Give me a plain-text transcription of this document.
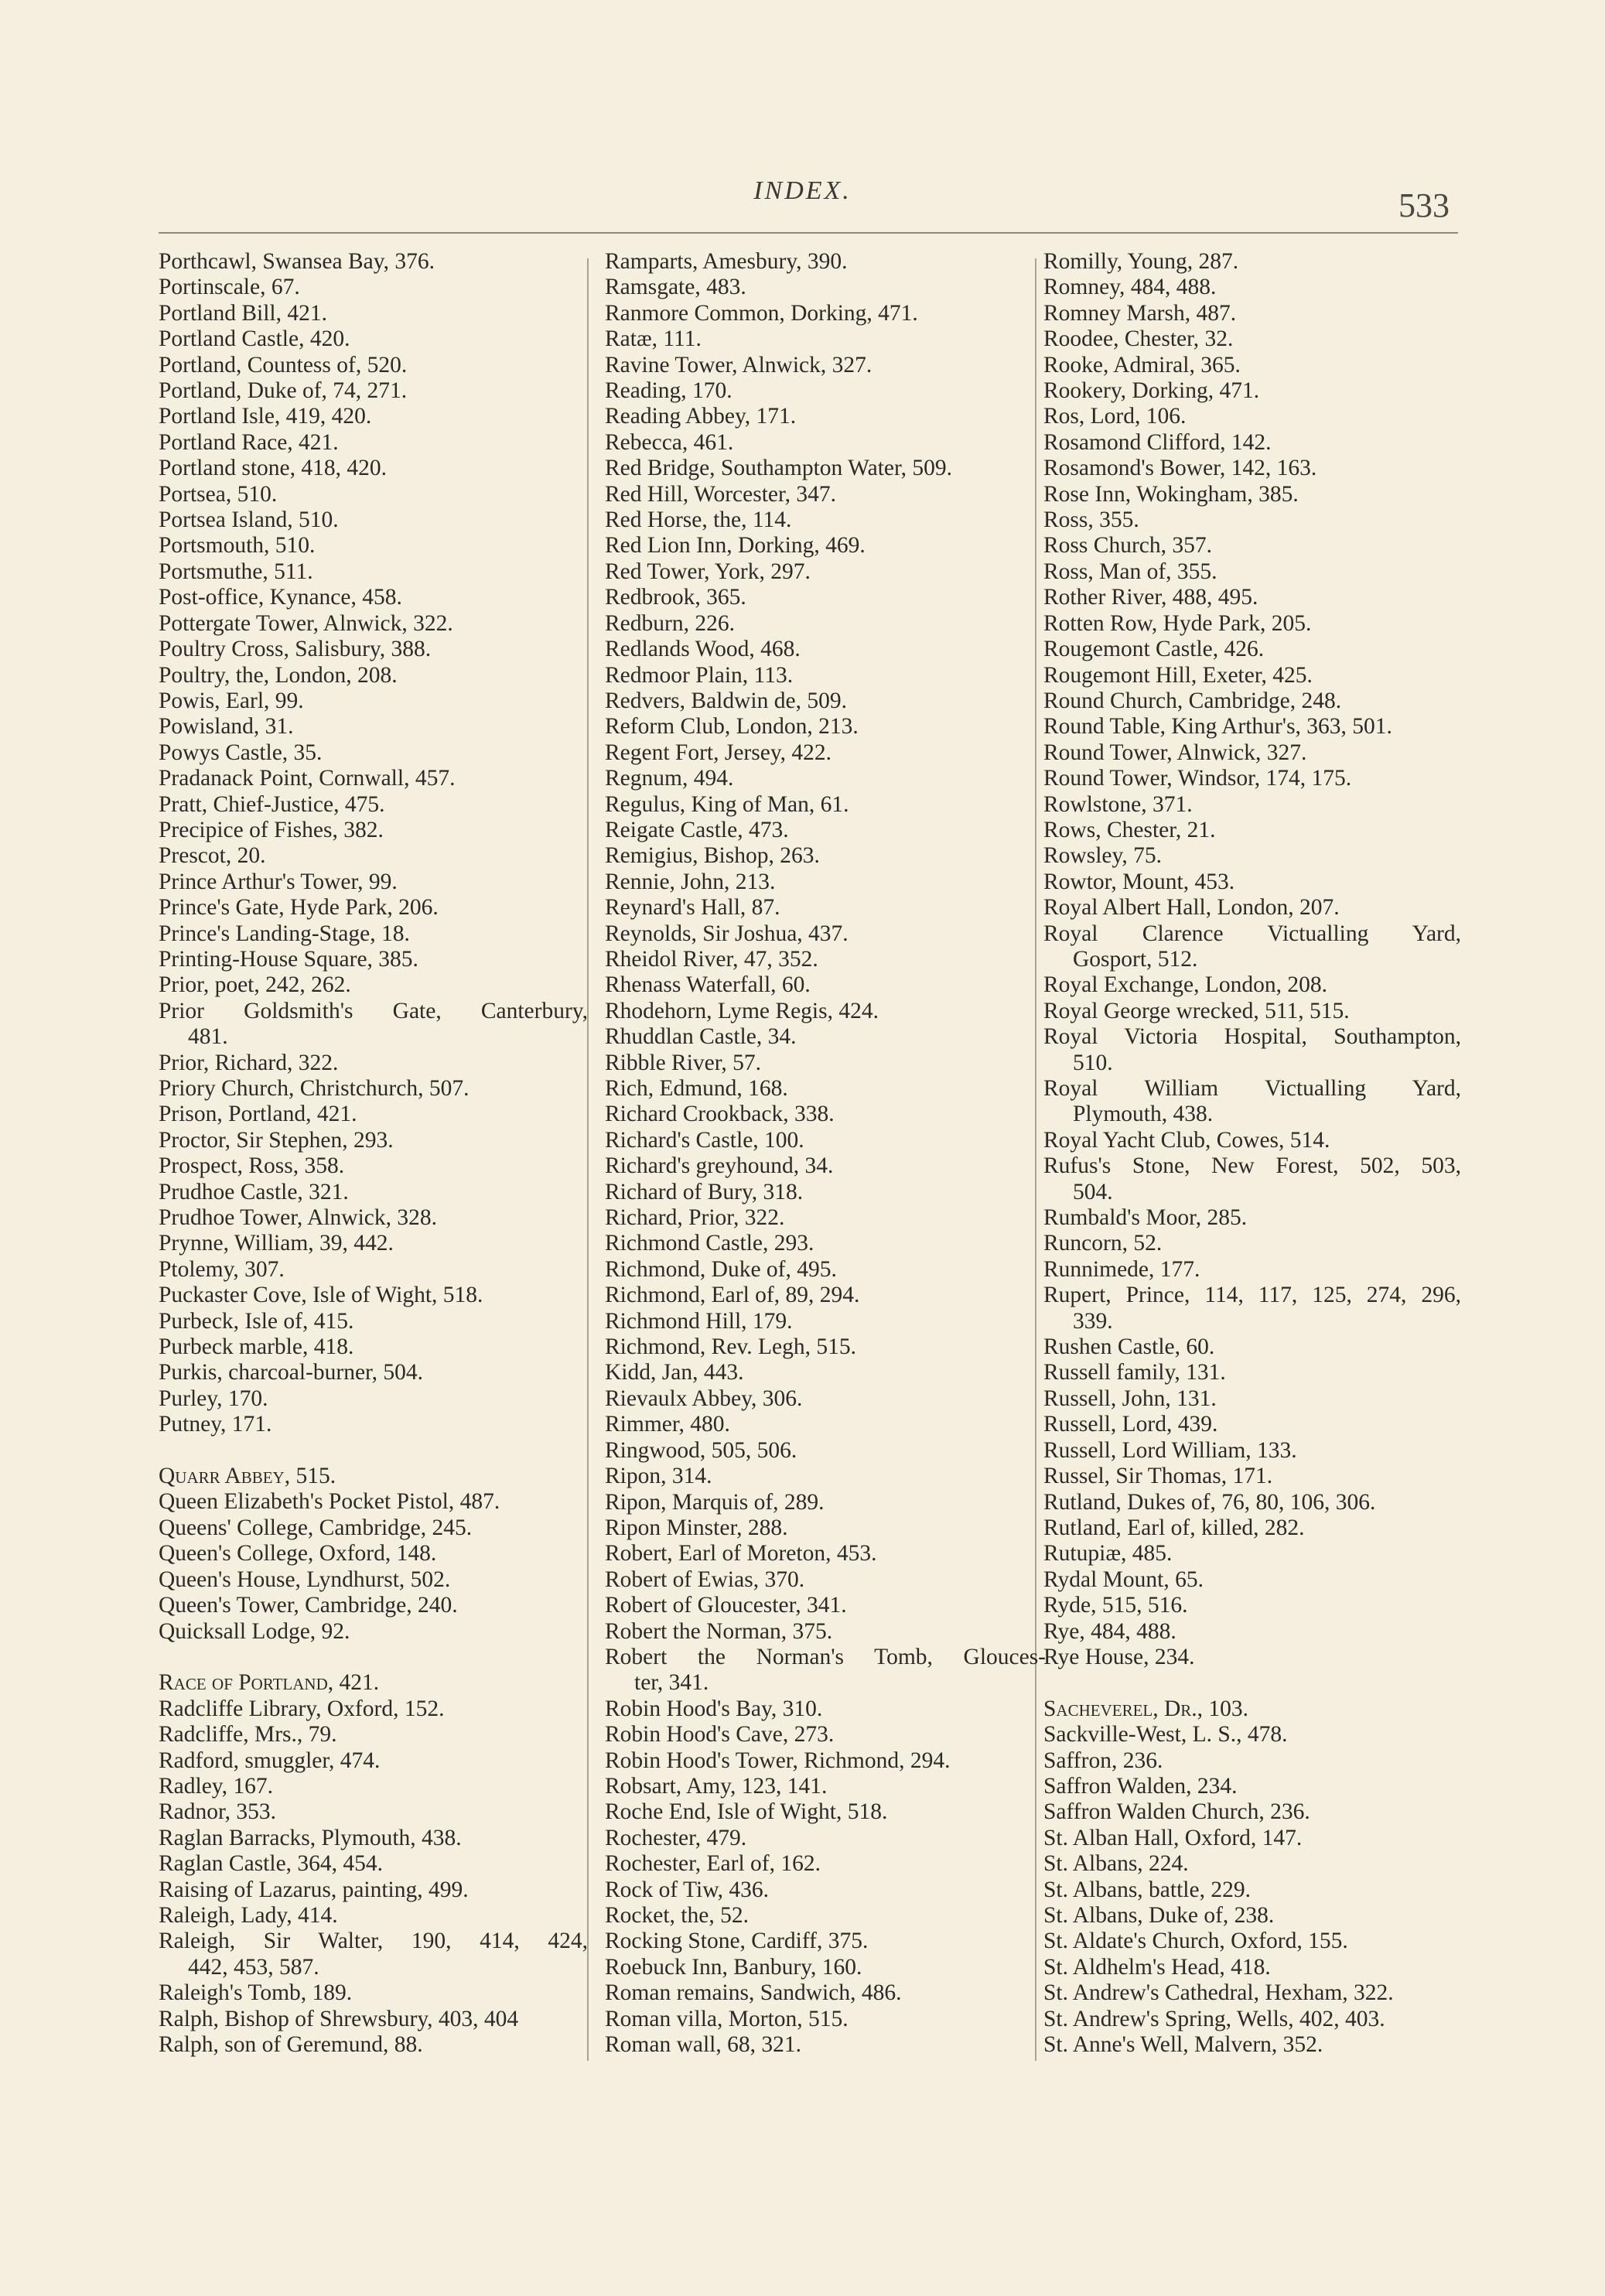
INDEX.	533
Porthcawl, Swansea Bay, 376.
Portinscale, 67.
Portland Bill, 421.
Portland Castle, 420.
Portland, Countess of, 520.
Portland, Duke of, 74, 271.
Portland Isle, 419, 420.
Portland Race, 421.
Portland stone, 418, 420.
Portsea, 510.
Portsea Island, 510.
Portsmouth, 510.
Portsmuthe, 511.
Post-office, Kynance, 458.
Pottergate Tower, Alnwick, 322.
Poultry Cross, Salisbury, 388.
Poultry, the, London, 208.
Powis, Earl, 99.
Powisland, 31.
Powys Castle, 35.
Pradanack Point, Cornwall, 457.
Pratt, Chief-Justice, 475.
Precipice of Fishes, 382.
Prescot, 20.
Prince Arthur's Tower, 99.
Prince's Gate, Hyde Park, 206.
Prince's Landing-Stage, 18.
Printing-House Square, 385.
Prior, poet, 242, 262.
Prior Goldsmith's Gate, Canterbury,
481.
Prior, Richard, 322.
Priory Church, Christchurch, 507.
Prison, Portland, 421.
Proctor, Sir Stephen, 293.
Prospect, Ross, 358.
Prudhoe Castle, 321.
Prudhoe Tower, Alnwick, 328.
Prynne, William, 39, 442.
Ptolemy, 307.
Puckaster Cove, Isle of Wight, 518.
Purbeck, Isle of, 415.
Purbeck marble, 418.
Purkis, charcoal-burner, 504.
Purley, 170.
Putney, 171.
Quarr Abbey, 515.
Queen Elizabeth's Pocket Pistol, 487.
Queens' College, Cambridge, 245.
Queen's College, Oxford, 148.
Queen's House, Lyndhurst, 502.
Queen's Tower, Cambridge, 240.
Quicksall Lodge, 92.
Race of Portland, 421.
Radcliffe Library, Oxford, 152.
Radcliffe, Mrs., 79.
Radford, smuggler, 474.
Radley, 167.
Radnor, 353.
Raglan Barracks, Plymouth, 438.
Raglan Castle, 364, 454.
Raising of Lazarus, painting, 499.
Raleigh, Lady, 414.
Raleigh, Sir Walter, 190, 414, 424,
442, 453, 587.
Raleigh's Tomb, 189.
Ralph, Bishop of Shrewsbury, 403, 404
Ralph, son of Geremund, 88.
Ramparts, Amesbury, 390.
Ramsgate, 483.
Ranmore Common, Dorking, 471.
Ratæ, 111.
Ravine Tower, Alnwick, 327.
Reading, 170.
Reading Abbey, 171.
Rebecca, 461.
Red Bridge, Southampton Water, 509.
Red Hill, Worcester, 347.
Red Horse, the, 114.
Red Lion Inn, Dorking, 469.
Red Tower, York, 297.
Redbrook, 365.
Redburn, 226.
Redlands Wood, 468.
Redmoor Plain, 113.
Redvers, Baldwin de, 509.
Reform Club, London, 213.
Regent Fort, Jersey, 422.
Regnum, 494.
Regulus, King of Man, 61.
Reigate Castle, 473.
Remigius, Bishop, 263.
Rennie, John, 213.
Reynard's Hall, 87.
Reynolds, Sir Joshua, 437.
Rheidol River, 47, 352.
Rhenass Waterfall, 60.
Rhodehorn, Lyme Regis, 424.
Rhuddlan Castle, 34.
Ribble River, 57.
Rich, Edmund, 168.
Richard Crookback, 338.
Richard's Castle, 100.
Richard's greyhound, 34.
Richard of Bury, 318.
Richard, Prior, 322.
Richmond Castle, 293.
Richmond, Duke of, 495.
Richmond, Earl of, 89, 294.
Richmond Hill, 179.
Richmond, Rev. Legh, 515.
Kidd, Jan, 443.
Rievaulx Abbey, 306.
Rimmer, 480.
Ringwood, 505, 506.
Ripon, 314.
Ripon, Marquis of, 289.
Ripon Minster, 288.
Robert, Earl of Moreton, 453.
Robert of Ewias, 370.
Robert of Gloucester, 341.
Robert the Norman, 375.
Robert the Norman's Tomb, Glouces-
ter, 341.
Robin Hood's Bay, 310.
Robin Hood's Cave, 273.
Robin Hood's Tower, Richmond, 294.
Robsart, Amy, 123, 141.
Roche End, Isle of Wight, 518.
Rochester, 479.
Rochester, Earl of, 162.
Rock of Tiw, 436.
Rocket, the, 52.
Rocking Stone, Cardiff, 375.
Roebuck Inn, Banbury, 160.
Roman remains, Sandwich, 486.
Roman villa, Morton, 515.
Roman wall, 68, 321.
Romilly, Young, 287.
Romney, 484, 488.
Romney Marsh, 487.
Roodee, Chester, 32.
Rooke, Admiral, 365.
Rookery, Dorking, 471.
Ros, Lord, 106.
Rosamond Clifford, 142.
Rosamond's Bower, 142, 163.
Rose Inn, Wokingham, 385.
Ross, 355.
Ross Church, 357.
Ross, Man of, 355.
Rother River, 488, 495.
Rotten Row, Hyde Park, 205.
Rougemont Castle, 426.
Rougemont Hill, Exeter, 425.
Round Church, Cambridge, 248.
Round Table, King Arthur's, 363, 501.
Round Tower, Alnwick, 327.
Round Tower, Windsor, 174, 175.
Rowlstone, 371.
Rows, Chester, 21.
Rowsley, 75.
Rowtor, Mount, 453.
Royal Albert Hall, London, 207.
Royal Clarence Victualling Yard,
Gosport, 512.
Royal Exchange, London, 208.
Royal George wrecked, 511, 515.
Royal Victoria Hospital, Southampton,
510.
Royal William Victualling Yard,
Plymouth, 438.
Royal Yacht Club, Cowes, 514.
Rufus's Stone, New Forest, 502, 503,
504.
Rumbald's Moor, 285.
Runcorn, 52.
Runnimede, 177.
Rupert, Prince, 114, 117, 125, 274, 296,
339.
Rushen Castle, 60.
Russell family, 131.
Russell, John, 131.
Russell, Lord, 439.
Russell, Lord William, 133.
Russel, Sir Thomas, 171.
Rutland, Dukes of, 76, 80, 106, 306.
Rutland, Earl of, killed, 282.
Rutupiæ, 485.
Rydal Mount, 65.
Ryde, 515, 516.
Rye, 484, 488.
Rye House, 234.
Sacheverel, Dr., 103.
Sackville-West, L. S., 478.
Saffron, 236.
Saffron Walden, 234.
Saffron Walden Church, 236.
St. Alban Hall, Oxford, 147.
St. Albans, 224.
St. Albans, battle, 229.
St. Albans, Duke of, 238.
St. Aldate's Church, Oxford, 155.
St. Aldhelm's Head, 418.
St. Andrew's Cathedral, Hexham, 322.
St. Andrew's Spring, Wells, 402, 403.
St. Anne's Well, Malvern, 352.
